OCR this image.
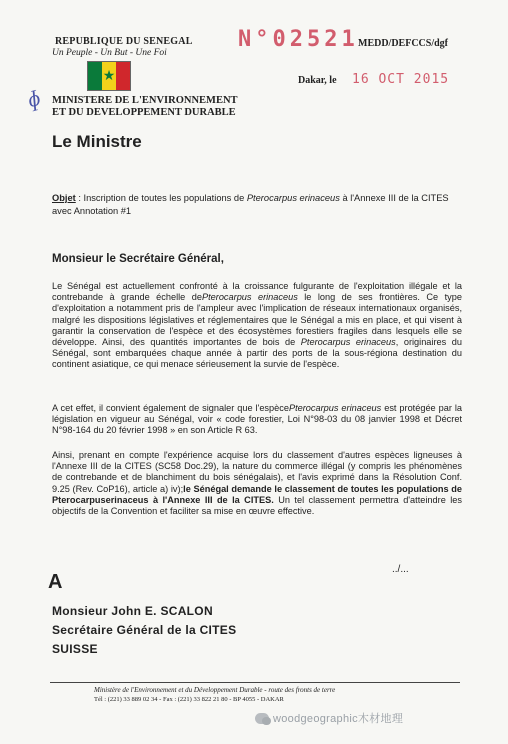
REPUBLIQUE DU SENEGAL
Un Peuple - Un But - Une Foi
★
ɸ MINISTERE DE L'ENVIRONNEMENT
ET DU DEVELOPPEMENT DURABLE
N°02521 MEDD/DEFCCS/dgf
Dakar, le 16 OCT 2015
Le Ministre
Objet : Inscription de toutes les populations de Pterocarpus erinaceus à l'Annexe III de la CITES avec Annotation #1
Monsieur le Secrétaire Général,
Le Sénégal est actuellement confronté à la croissance fulgurante de l'exploitation illégale et la contrebande à grande échelle dePterocarpus erinaceus le long de ses frontières. Ce type d'exploitation a notamment pris de l'ampleur avec l'implication de réseaux internationaux organisés, malgré les dispositions législatives et réglementaires que le Sénégal a mis en place, et qui visent à garantir la conservation de l'espèce et des écosystèmes forestiers fragiles dans lesquels elle se développe. Ainsi, des quantités importantes de bois de Pterocarpus erinaceus, originaires du Sénégal, sont embarquées chaque année à partir des ports de la sous-régiona destination du continent asiatique, ce qui menace sérieusement la survie de l'espèce.
A cet effet, il convient également de signaler que l'espècePterocarpus erinaceus est protégée par la législation en vigueur au Sénégal, voir « code forestier, Loi N°98-03 du 08 janvier 1998 et Décret N°98-164 du 20 février 1998 » en son Article R 63.
Ainsi, prenant en compte l'expérience acquise lors du classement d'autres espèces ligneuses à l'Annexe III de la CITES (SC58 Doc.29), la nature du commerce illégal (y compris les phénomènes de contrebande et de blanchiment du bois sénégalais), et l'avis exprimé dans la Résolution Conf. 9.25 (Rev. CoP16), article a) iv);le Sénégal demande le classement de toutes les populations de Pterocarpuserinaceus à l'Annexe III de la CITES. Un tel classement permettra d'atteindre les objectifs de la Convention et faciliter sa mise en œuvre effective.
../...
A
Monsieur John E. SCALON
Secrétaire Général de la CITES
SUISSE
Ministère de l'Environnement et du Développement Durable - route des fronts de terre
Tél : (221) 33 889 02 34 - Fax : (221) 33 822 21 80 - BP 4055 - DAKAR
woodgeographic木材地理
